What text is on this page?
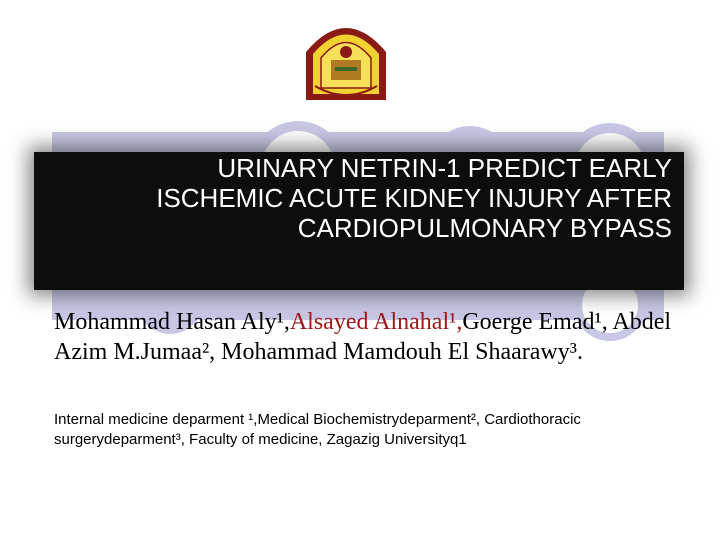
URINARY NETRIN-1 PREDICT EARLY
ISCHEMIC ACUTE KIDNEY INJURY AFTER
CARDIOPULMONARY BYPASS

Mohammad Hasan Aly¹,Alsayed Alnahal¹,Goerge Emad¹, Abdel Azim M.Jumaa², Mohammad Mamdouh El Shaarawy³.

Internal medicine deparment ¹,Medical Biochemistrydeparment², Cardiothoracic surgerydeparment³, Faculty of medicine, Zagazig Universityq1
